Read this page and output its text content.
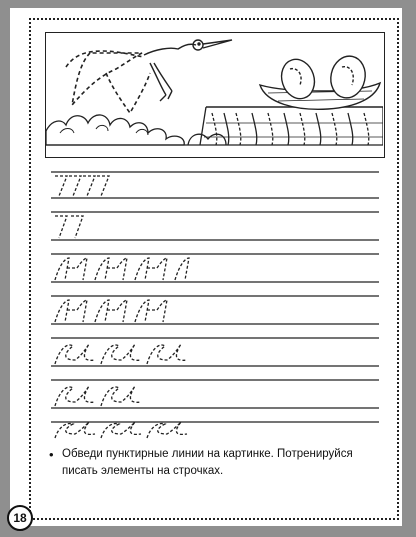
• Обведи пунктирные линии на картинке. Потренируйся писать элементы на строчках.
18
